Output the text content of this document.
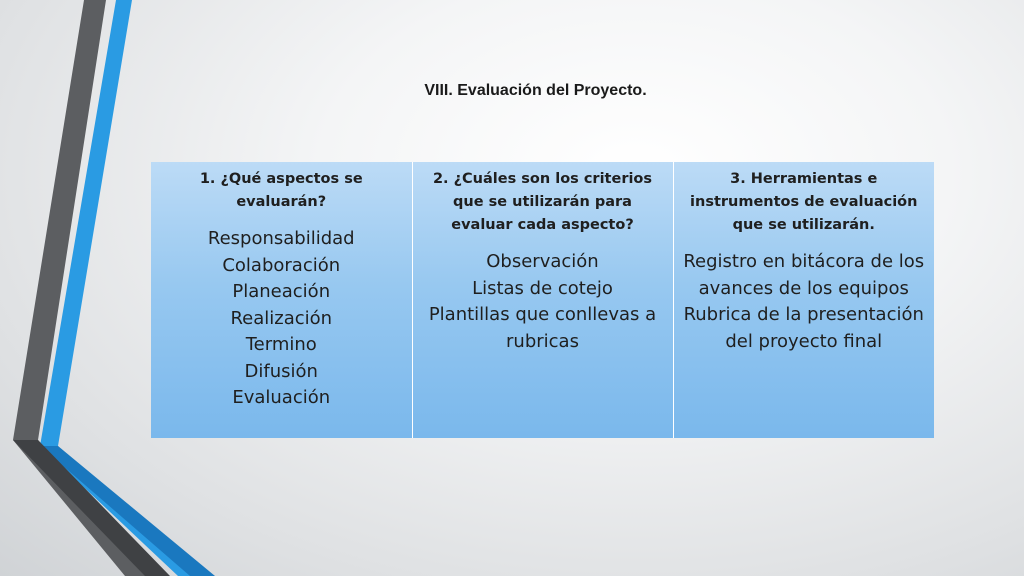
VIII. Evaluación del Proyecto.
1. ¿Qué aspectos se evaluarán?
Responsabilidad
Colaboración
Planeación
Realización
Termino
Difusión
Evaluación

2. ¿Cuáles son los criterios que se utilizarán para evaluar cada aspecto?
Observación
Listas de cotejo
Plantillas que conllevas a
rubricas

3. Herramientas e instrumentos de evaluación que se utilizarán.
Registro en bitácora de los
avances de los equipos
Rubrica de la presentación
del proyecto final
